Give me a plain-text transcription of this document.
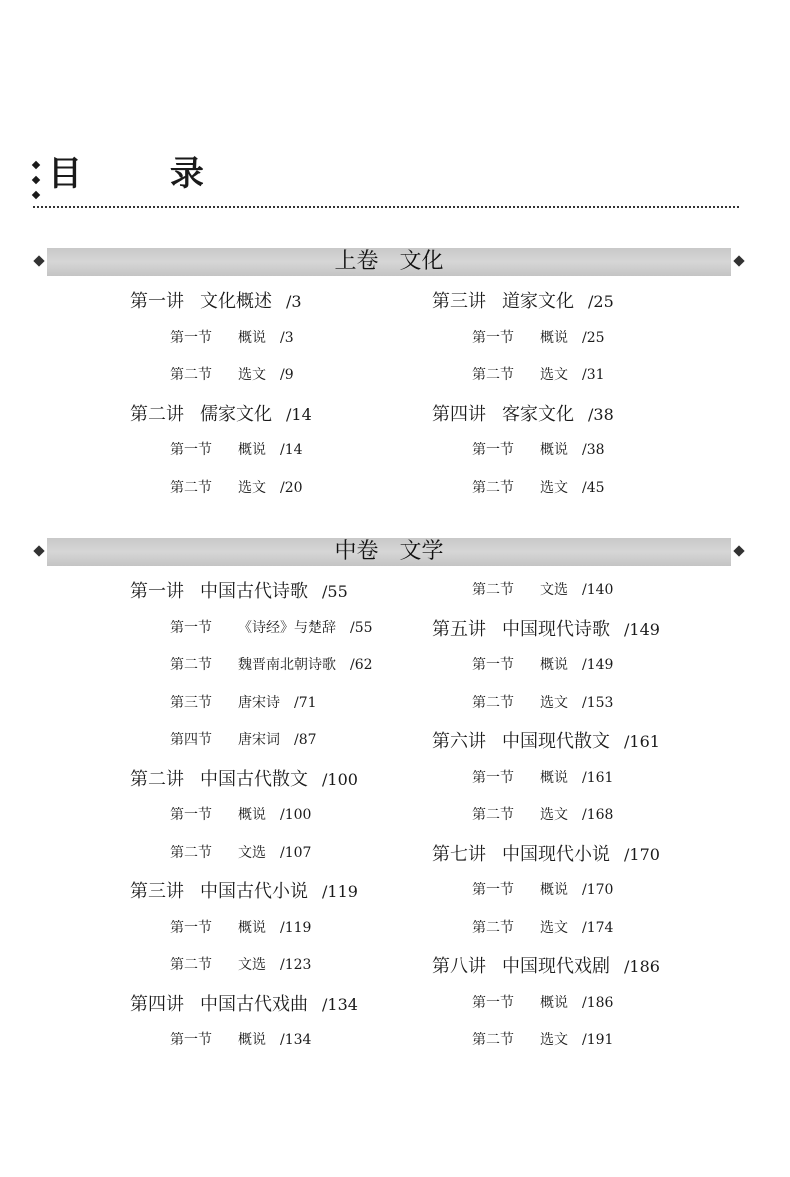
目 录
上卷 文化
第一讲 文化概述 /3
第一节 概说 /3
第二节 选文 /9
第二讲 儒家文化 /14
第一节 概说 /14
第二节 选文 /20
第三讲 道家文化 /25
第一节 概说 /25
第二节 选文 /31
第四讲 客家文化 /38
第一节 概说 /38
第二节 选文 /45
中卷 文学
第一讲 中国古代诗歌 /55
第一节 《诗经》与楚辞 /55
第二节 魏晋南北朝诗歌 /62
第三节 唐宋诗 /71
第四节 唐宋词 /87
第二讲 中国古代散文 /100
第一节 概说 /100
第二节 文选 /107
第三讲 中国古代小说 /119
第一节 概说 /119
第二节 文选 /123
第四讲 中国古代戏曲 /134
第一节 概说 /134
第二节 文选 /140
第五讲 中国现代诗歌 /149
第一节 概说 /149
第二节 选文 /153
第六讲 中国现代散文 /161
第一节 概说 /161
第二节 选文 /168
第七讲 中国现代小说 /170
第一节 概说 /170
第二节 选文 /174
第八讲 中国现代戏剧 /186
第一节 概说 /186
第二节 选文 /191
